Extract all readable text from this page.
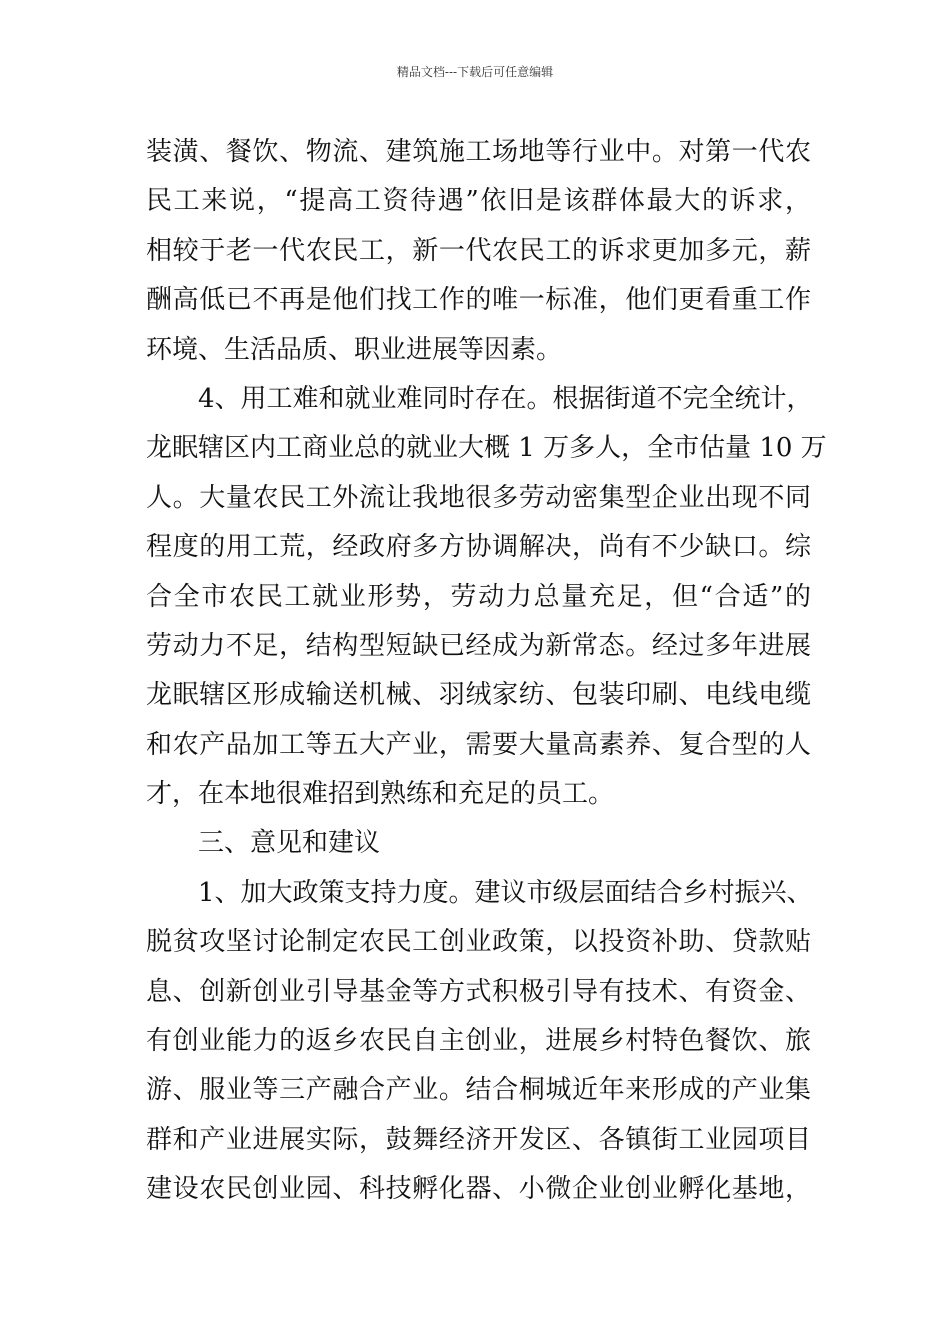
精品文档---下载后可任意编辑
装潢、餐饮、物流、建筑施工场地等行业中。对第一代农
民工来说，“提高工资待遇”依旧是该群体最大的诉求，
相较于老一代农民工，新一代农民工的诉求更加多元，薪
酬高低已不再是他们找工作的唯一标准，他们更看重工作
环境、生活品质、职业进展等因素。
4、用工难和就业难同时存在。根据街道不完全统计，
龙眠辖区内工商业总的就业大概 1 万多人，全市估量 10 万
人。大量农民工外流让我地很多劳动密集型企业出现不同
程度的用工荒，经政府多方协调解决，尚有不少缺口。综
合全市农民工就业形势，劳动力总量充足，但“合适”的
劳动力不足，结构型短缺已经成为新常态。经过多年进展
龙眠辖区形成输送机械、羽绒家纺、包装印刷、电线电缆
和农产品加工等五大产业，需要大量高素养、复合型的人
才，在本地很难招到熟练和充足的员工。
三、意见和建议
1、加大政策支持力度。建议市级层面结合乡村振兴、
脱贫攻坚讨论制定农民工创业政策，以投资补助、贷款贴
息、创新创业引导基金等方式积极引导有技术、有资金、
有创业能力的返乡农民自主创业，进展乡村特色餐饮、旅
游、服业等三产融合产业。结合桐城近年来形成的产业集
群和产业进展实际，鼓舞经济开发区、各镇街工业园项目
建设农民创业园、科技孵化器、小微企业创业孵化基地，
